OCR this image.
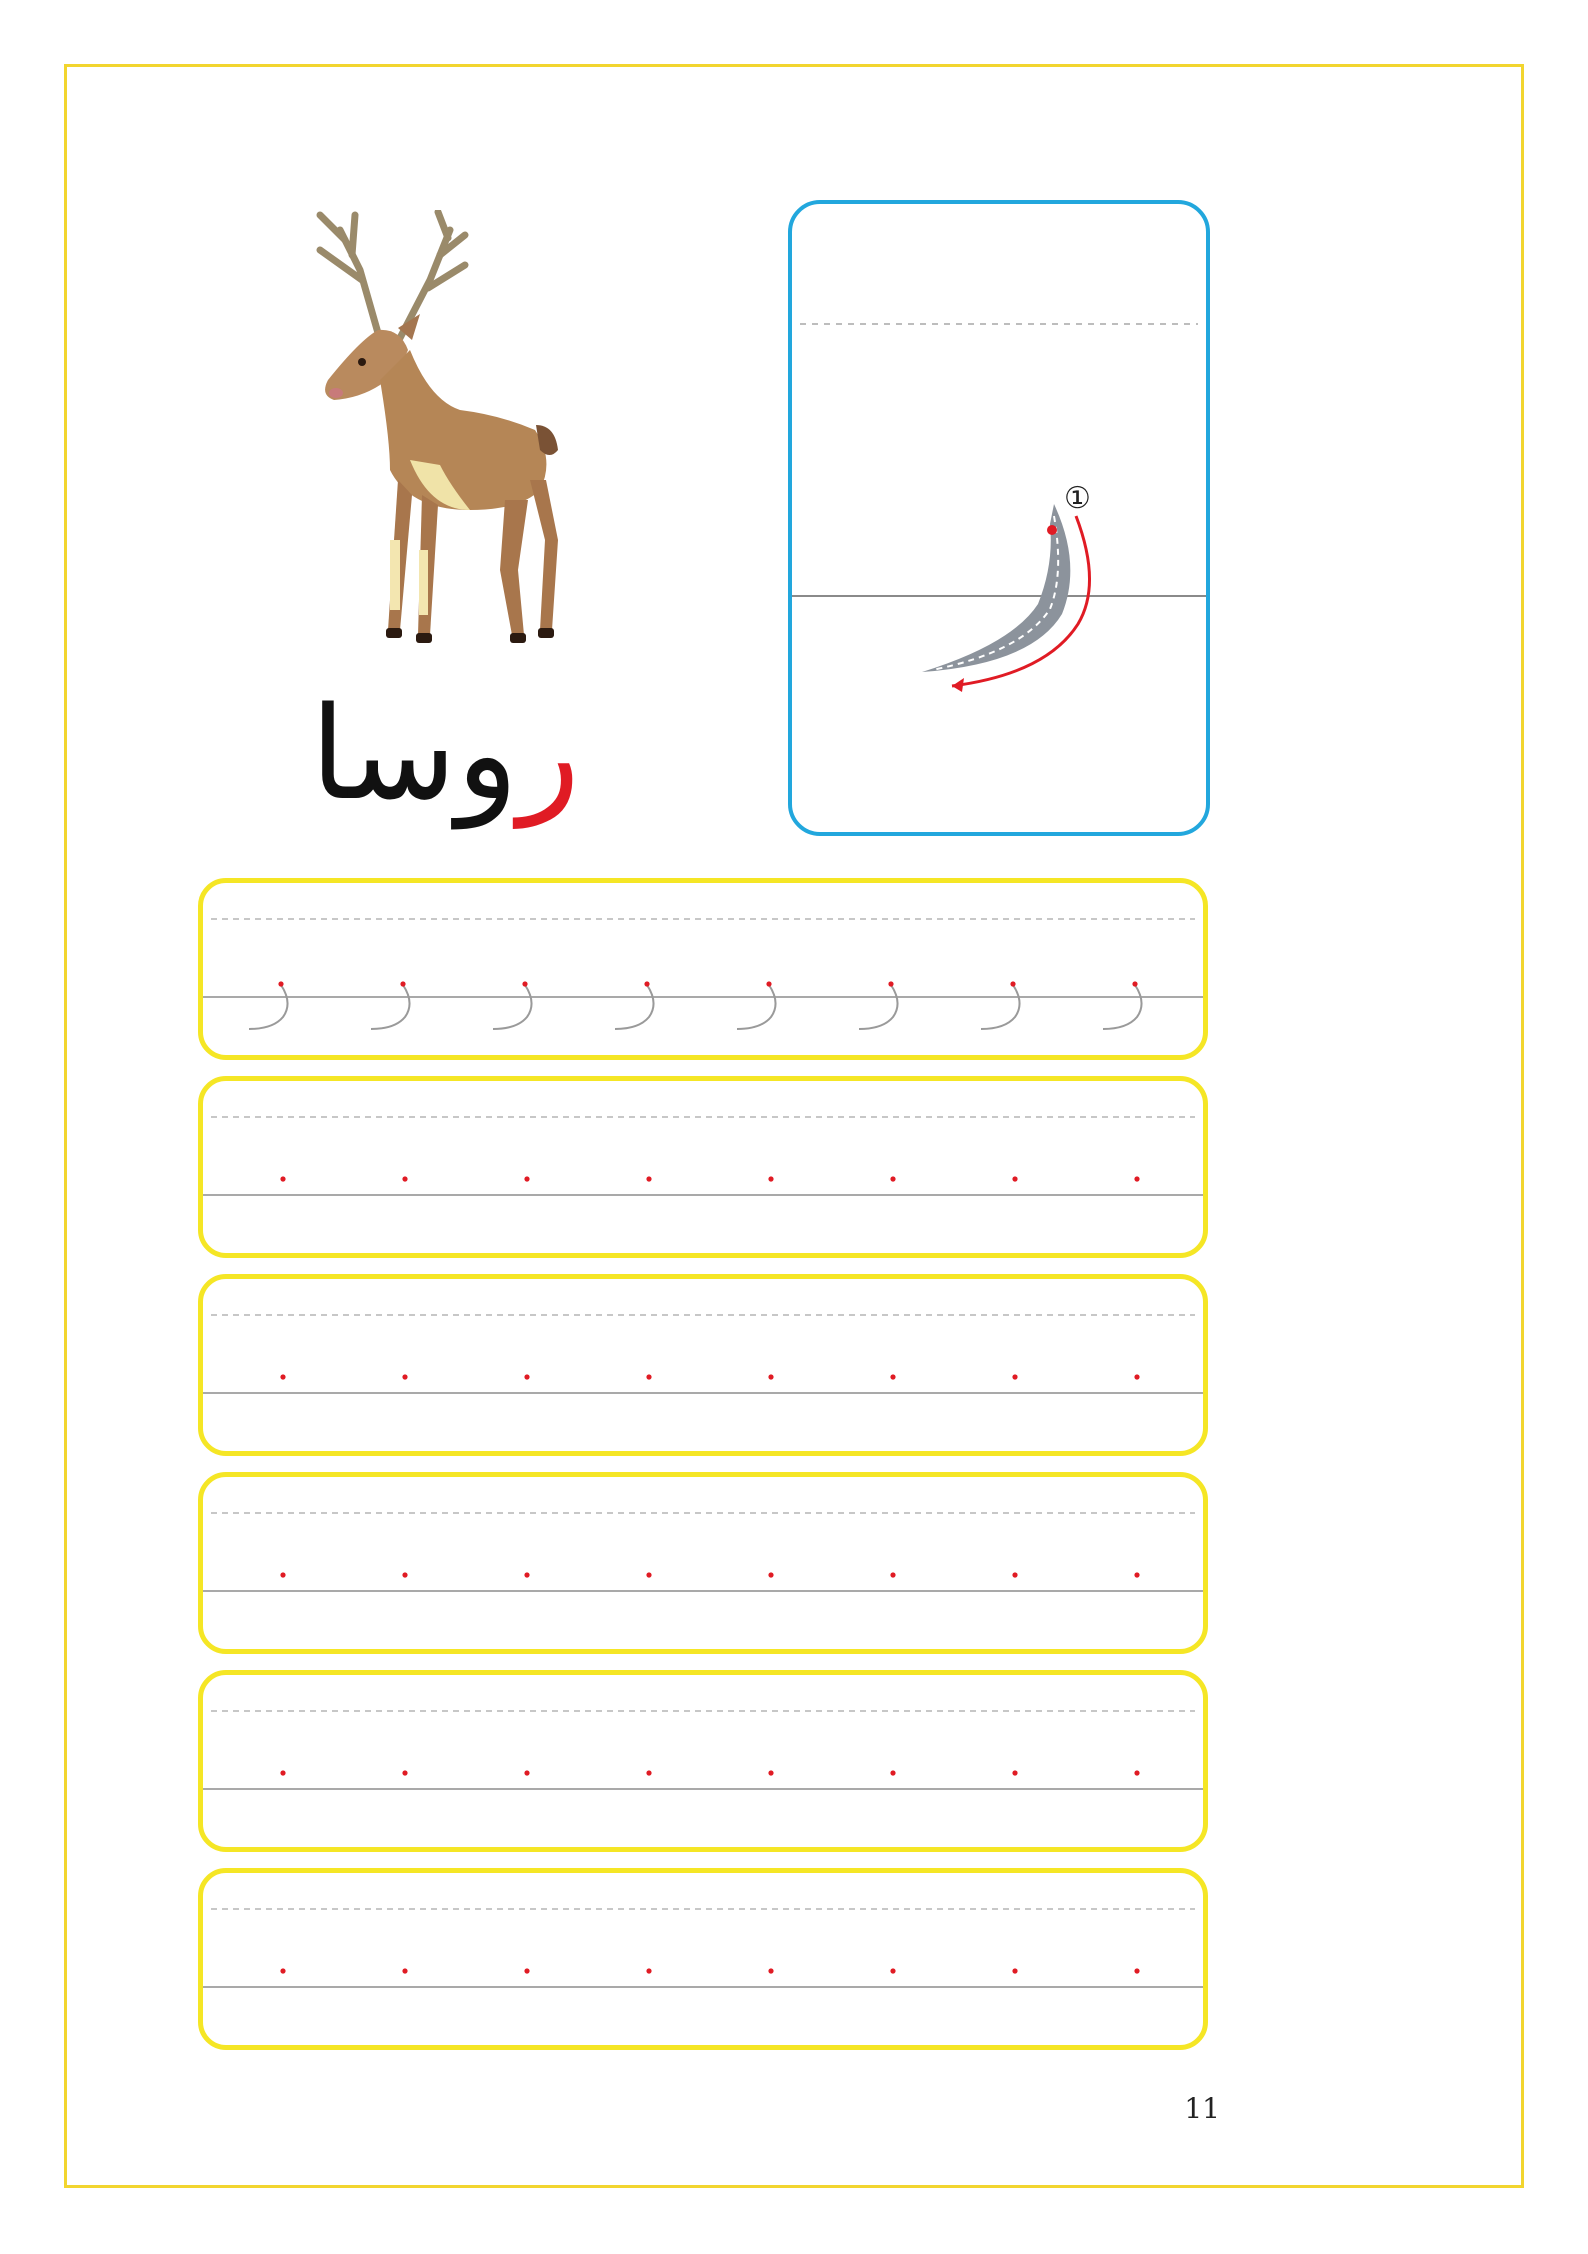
روسا

①

11
